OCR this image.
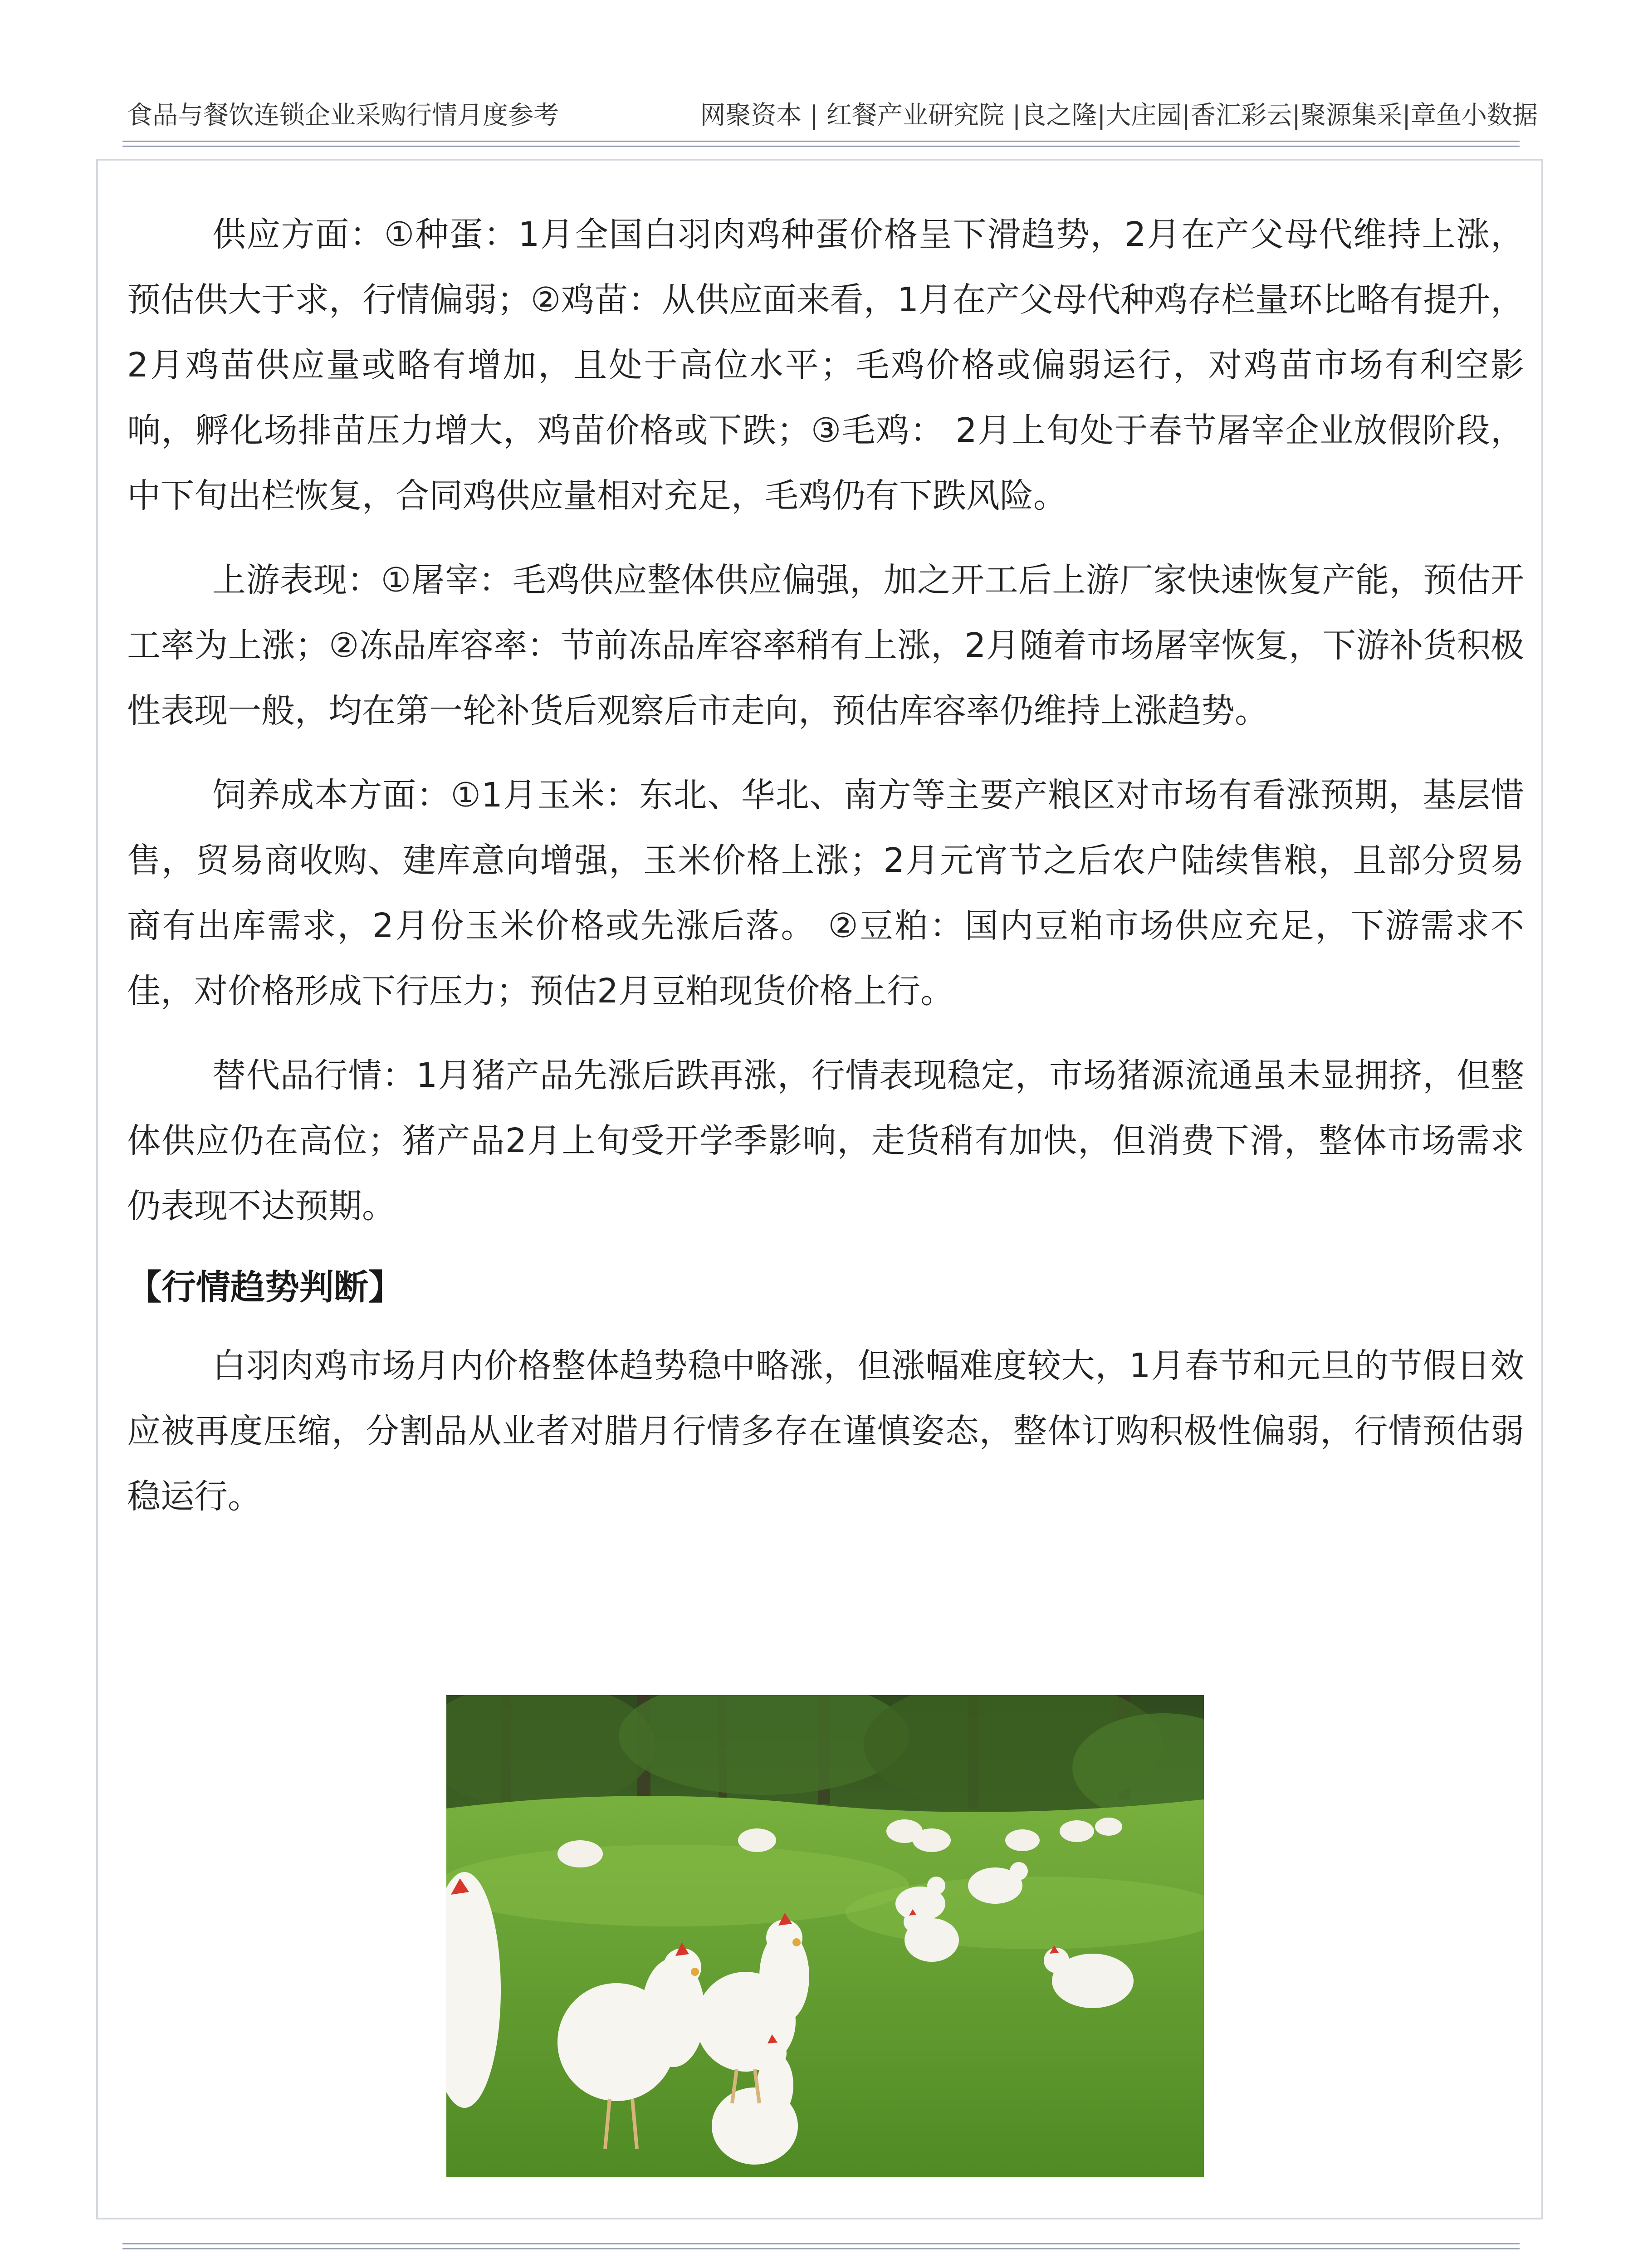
食品与餐饮连锁企业采购行情月度参考	网聚资本 | 红餐产业研究院 |良之隆|大庄园|香汇彩云|聚源集采|章鱼小数据

供应方面：①种蛋：1月全国白羽肉鸡种蛋价格呈下滑趋势，2月在产父母代维持上涨，预估供大于求，行情偏弱；②鸡苗：从供应面来看，1月在产父母代种鸡存栏量环比略有提升，2月鸡苗供应量或略有增加，且处于高位水平；毛鸡价格或偏弱运行，对鸡苗市场有利空影响，孵化场排苗压力增大，鸡苗价格或下跌；③毛鸡： 2月上旬处于春节屠宰企业放假阶段，中下旬出栏恢复，合同鸡供应量相对充足，毛鸡仍有下跌风险。

上游表现：①屠宰：毛鸡供应整体供应偏强，加之开工后上游厂家快速恢复产能，预估开工率为上涨；②冻品库容率：节前冻品库容率稍有上涨，2月随着市场屠宰恢复，下游补货积极性表现一般，均在第一轮补货后观察后市走向，预估库容率仍维持上涨趋势。

饲养成本方面：①1月玉米：东北、华北、南方等主要产粮区对市场有看涨预期，基层惜售，贸易商收购、建库意向增强，玉米价格上涨；2月元宵节之后农户陆续售粮，且部分贸易商有出库需求，2月份玉米价格或先涨后落。 ②豆粕：国内豆粕市场供应充足，下游需求不佳，对价格形成下行压力；预估2月豆粕现货价格上行。

替代品行情：1月猪产品先涨后跌再涨，行情表现稳定，市场猪源流通虽未显拥挤，但整体供应仍在高位；猪产品2月上旬受开学季影响，走货稍有加快，但消费下滑，整体市场需求仍表现不达预期。

【行情趋势判断】

白羽肉鸡市场月内价格整体趋势稳中略涨，但涨幅难度较大，1月春节和元旦的节假日效应被再度压缩，分割品从业者对腊月行情多存在谨慎姿态，整体订购积极性偏弱，行情预估弱稳运行。
